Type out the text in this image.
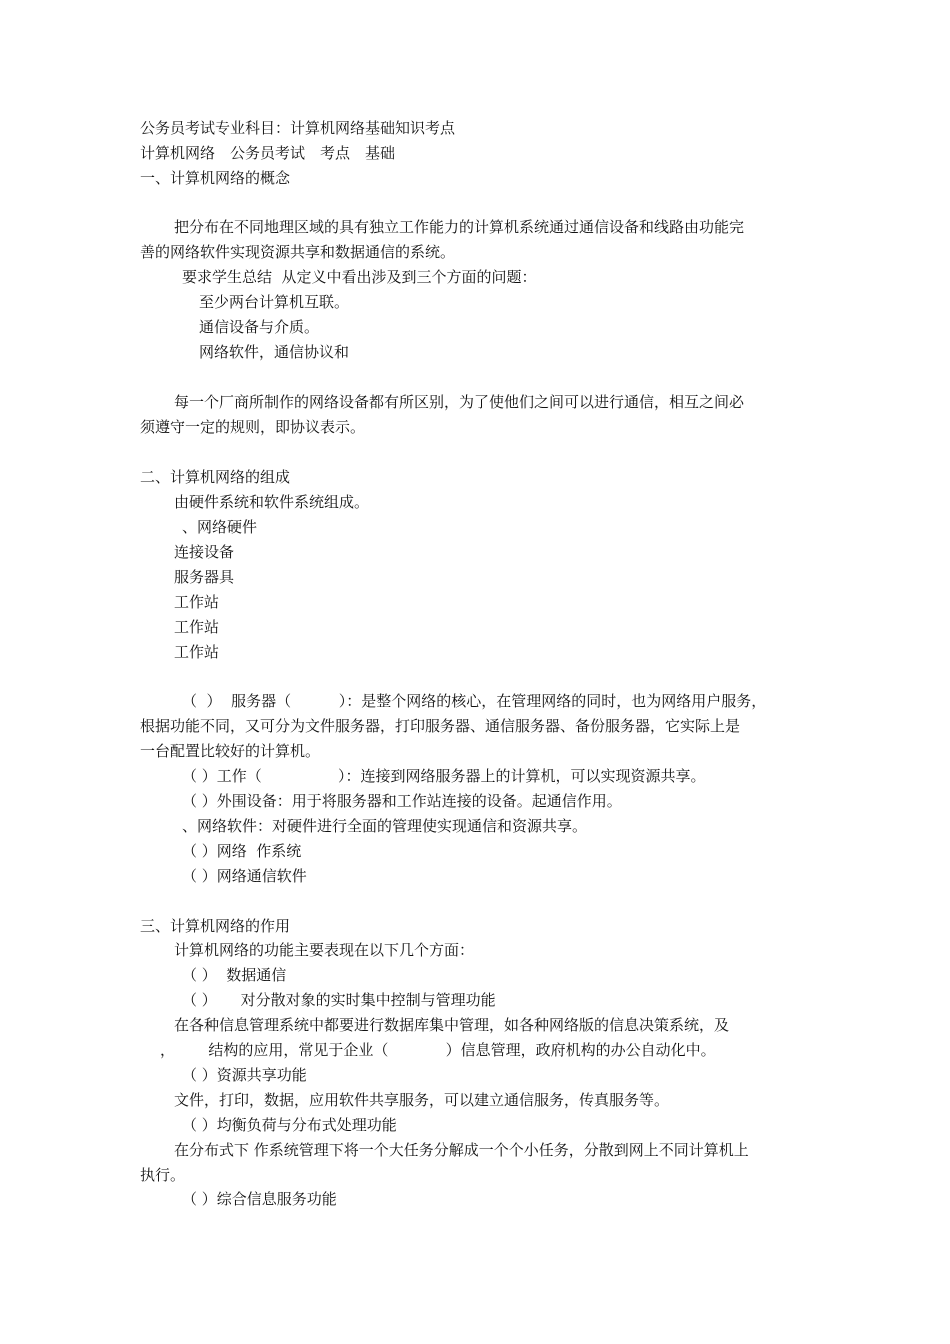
公务员考试专业科目：计算机网络基础知识考点
计算机网络　公务员考试　考点　基础
一、计算机网络的概念
把分布在不同地理区域的具有独立工作能力的计算机系统通过通信设备和线路由功能完
善的网络软件实现资源共享和数据通信的系统。
要求学生总结  从定义中看出涉及到三个方面的问题：
至少两台计算机互联。
通信设备与介质。
网络软件，通信协议和
每一个厂商所制作的网络设备都有所区别，为了使他们之间可以进行通信，相互之间必
须遵守一定的规则，即协议表示。
二、计算机网络的组成
由硬件系统和软件系统组成。
、网络硬件
连接设备
服务器具
工作站
工作站
工作站
（  ）  服务器（          ）：是整个网络的核心，在管理网络的同时，也为网络用户服务，
根据功能不同，又可分为文件服务器，打印服务器、通信服务器、备份服务器，它实际上是
一台配置比较好的计算机。
（ ）工作（                ）：连接到网络服务器上的计算机，可以实现资源共享。
（ ）外围设备：用于将服务器和工作站连接的设备。起通信作用。
、网络软件：对硬件进行全面的管理使实现通信和资源共享。
（ ）网络  作系统
（ ）网络通信软件
三、计算机网络的作用
计算机网络的功能主要表现在以下几个方面：
（ ）  数据通信
（ ）     对分散对象的实时集中控制与管理功能
在各种信息管理系统中都要进行数据库集中管理，如各种网络版的信息决策系统，及
，       结构的应用，常见于企业（            ）信息管理，政府机构的办公自动化中。
（ ）资源共享功能
文件，打印，数据，应用软件共享服务，可以建立通信服务，传真服务等。
（ ）均衡负荷与分布式处理功能
在分布式下 作系统管理下将一个大任务分解成一个个小任务，分散到网上不同计算机上
执行。
（ ）综合信息服务功能
